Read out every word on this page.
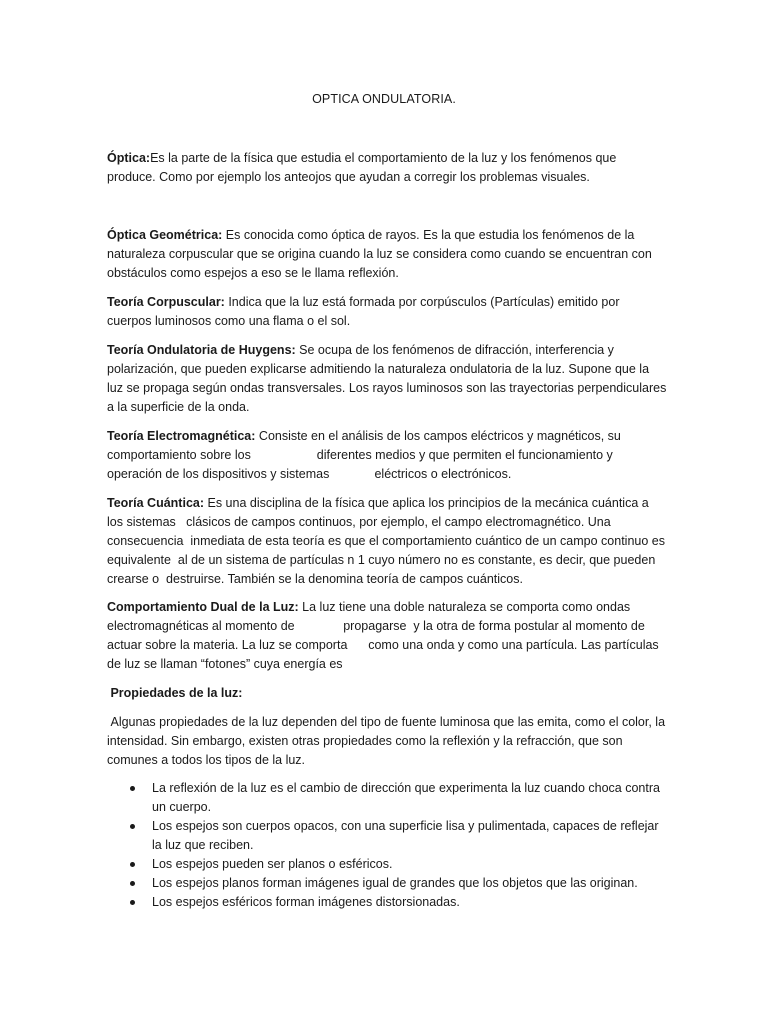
OPTICA ONDULATORIA.

Óptica:Es la parte de la física que estudia el comportamiento de la luz y los fenómenos que produce. Como por ejemplo los anteojos que ayudan a corregir los problemas visuales.

Óptica Geométrica: Es conocida como óptica de rayos. Es la que estudia los fenómenos de la naturaleza corpuscular que se origina cuando la luz se considera como cuando se encuentran con obstáculos como espejos a eso se le llama reflexión.

Teoría Corpuscular: Indica que la luz está formada por corpúsculos (Partículas) emitido por cuerpos luminosos como una flama o el sol.

Teoría Ondulatoria de Huygens: Se ocupa de los fenómenos de difracción, interferencia y polarización, que pueden explicarse admitiendo la naturaleza ondulatoria de la luz. Supone que la luz se propaga según ondas transversales. Los rayos luminosos son las trayectorias perpendiculares a la superficie de la onda.

Teoría Electromagnética: Consiste en el análisis de los campos eléctricos y magnéticos, su comportamiento sobre los                   diferentes medios y que permiten el funcionamiento y operación de los dispositivos y sistemas             eléctricos o electrónicos.

Teoría Cuántica: Es una disciplina de la física que aplica los principios de la mecánica cuántica a los sistemas   clásicos de campos continuos, por ejemplo, el campo electromagnético. Una consecuencia  inmediata de esta teoría es que el comportamiento cuántico de un campo continuo es equivalente  al de un sistema de partículas n 1 cuyo número no es constante, es decir, que pueden crearse o  destruirse. También se la denomina teoría de campos cuánticos.

Comportamiento Dual de la Luz: La luz tiene una doble naturaleza se comporta como ondas electromagnéticas al momento de              propagarse  y la otra de forma postular al momento de actuar sobre la materia. La luz se comporta      como una onda y como una partícula. Las partículas de luz se llaman “fotones” cuya energía es

Propiedades de la luz:

Algunas propiedades de la luz dependen del tipo de fuente luminosa que las emita, como el color, la intensidad. Sin embargo, existen otras propiedades como la reflexión y la refracción, que son comunes a todos los tipos de la luz.

La reflexión de la luz es el cambio de dirección que experimenta la luz cuando choca contra un cuerpo.
Los espejos son cuerpos opacos, con una superficie lisa y pulimentada, capaces de reflejar la luz que reciben.
Los espejos pueden ser planos o esféricos.
Los espejos planos forman imágenes igual de grandes que los objetos que las originan.
Los espejos esféricos forman imágenes distorsionadas.
